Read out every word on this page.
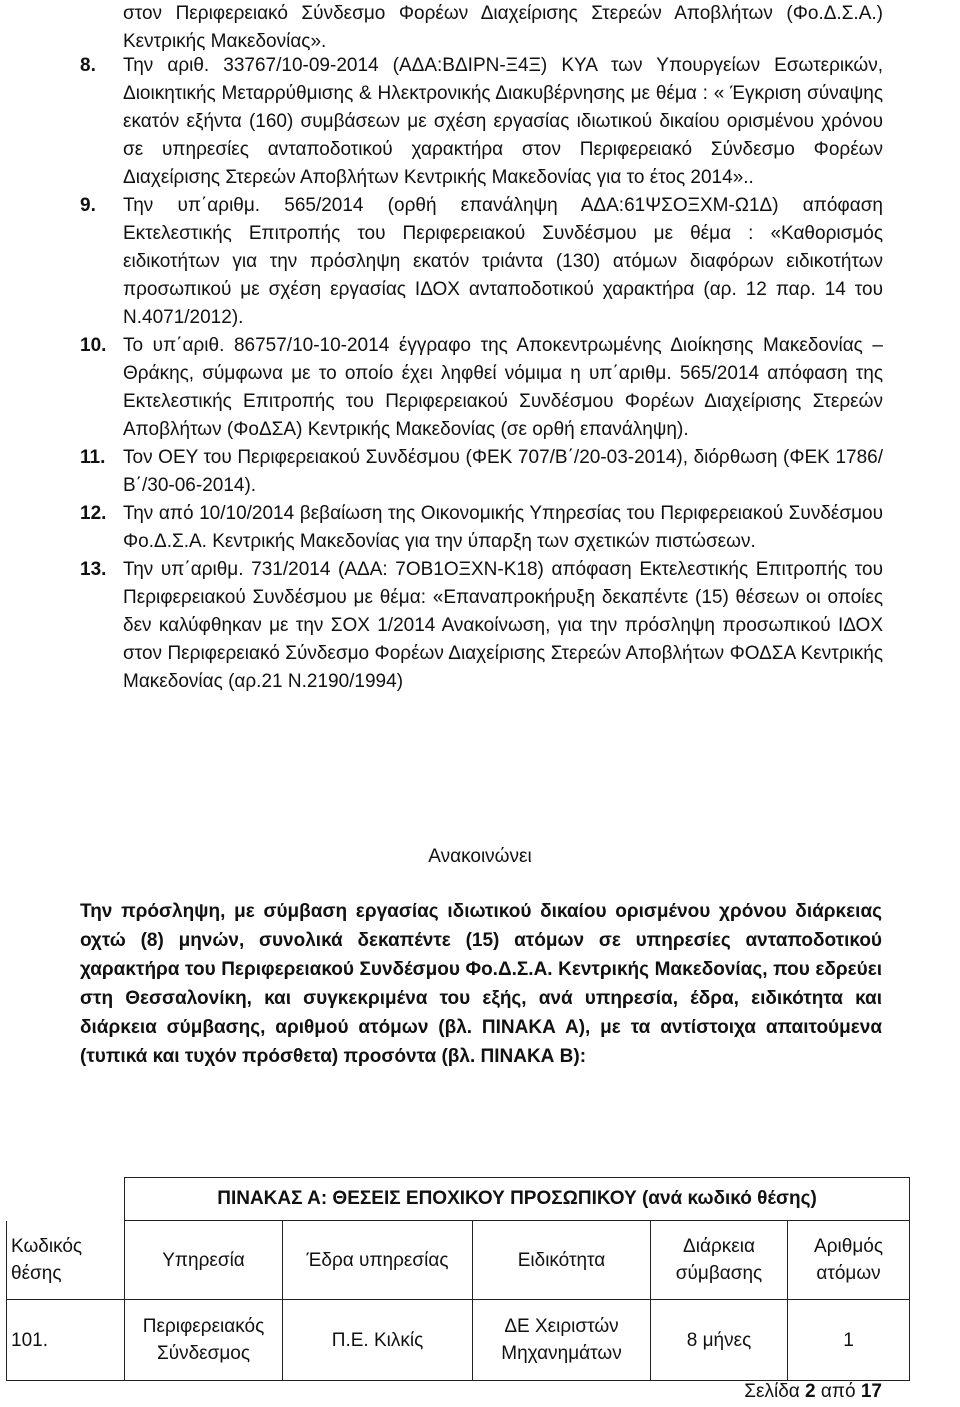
στον Περιφερειακό Σύνδεσμο Φορέων Διαχείρισης Στερεών Αποβλήτων (Φο.Δ.Σ.Α.) Κεντρικής Μακεδονίας».

8.	Την αριθ. 33767/10-09-2014 (ΑΔΑ:ΒΔΙΡΝ-Ξ4Ξ) ΚΥΑ των Υπουργείων Εσωτερικών, Διοικητικής Μεταρρύθμισης & Ηλεκτρονικής Διακυβέρνησης με θέμα : « Έγκριση σύναψης εκατόν εξήντα (160) συμβάσεων με σχέση εργασίας ιδιωτικού δικαίου ορισμένου χρόνου σε υπηρεσίες ανταποδοτικού χαρακτήρα στον Περιφερειακό Σύνδεσμο Φορέων Διαχείρισης Στερεών Αποβλήτων Κεντρικής Μακεδονίας για το έτος 2014»..

9.	Την υπ΄αριθμ. 565/2014 (ορθή επανάληψη ΑΔΑ:61ΨΣΟΞΧΜ-Ω1Δ) απόφαση Εκτελεστικής Επιτροπής του Περιφερειακού Συνδέσμου με θέμα : «Καθορισμός ειδικοτήτων για την πρόσληψη εκατόν τριάντα (130) ατόμων διαφόρων ειδικοτήτων προσωπικού με σχέση εργασίας ΙΔΟΧ ανταποδοτικού χαρακτήρα (αρ. 12 παρ. 14 του Ν.4071/2012).

10. Το υπ΄αριθ. 86757/10-10-2014 έγγραφο της Αποκεντρωμένης Διοίκησης Μακεδονίας – Θράκης, σύμφωνα με το οποίο έχει ληφθεί νόμιμα η υπ΄αριθμ. 565/2014 απόφαση της Εκτελεστικής Επιτροπής του Περιφερειακού Συνδέσμου Φορέων Διαχείρισης Στερεών Αποβλήτων (ΦοΔΣΑ) Κεντρικής Μακεδονίας (σε ορθή επανάληψη).

11. Τον ΟΕΥ του Περιφερειακού Συνδέσμου (ΦΕΚ 707/Β΄/20-03-2014), διόρθωση (ΦΕΚ 1786/Β΄/30-06-2014).

12. Την από 10/10/2014 βεβαίωση της Οικονομικής Υπηρεσίας του Περιφερειακού Συνδέσμου Φο.Δ.Σ.Α. Κεντρικής Μακεδονίας για την ύπαρξη των σχετικών πιστώσεων.

13. Την υπ΄αριθμ. 731/2014 (ΑΔΑ: 7ΟΒ1ΟΞΧΝ-Κ18) απόφαση Εκτελεστικής Επιτροπής του Περιφερειακού Συνδέσμου με θέμα: «Επαναπροκήρυξη δεκαπέντε (15) θέσεων οι οποίες δεν καλύφθηκαν με την ΣΟΧ 1/2014 Ανακοίνωση, για την πρόσληψη προσωπικού ΙΔΟΧ στον Περιφερειακό Σύνδεσμο Φορέων Διαχείρισης Στερεών Αποβλήτων ΦΟΔΣΑ Κεντρικής Μακεδονίας (αρ.21 Ν.2190/1994)

Ανακοινώνει

Την πρόσληψη, με σύμβαση εργασίας ιδιωτικού δικαίου ορισμένου χρόνου διάρκειας οχτώ (8) μηνών, συνολικά δεκαπέντε (15) ατόμων σε υπηρεσίες ανταποδοτικού χαρακτήρα του Περιφερειακού Συνδέσμου Φο.Δ.Σ.Α. Κεντρικής Μακεδονίας, που εδρεύει στη Θεσσαλονίκη, και συγκεκριμένα του εξής, ανά υπηρεσία, έδρα, ειδικότητα και διάρκεια σύμβασης, αριθμού ατόμων (βλ. ΠΙΝΑΚΑ Α), με τα αντίστοιχα απαιτούμενα (τυπικά και τυχόν πρόσθετα) προσόντα (βλ. ΠΙΝΑΚΑ Β):

	ΠΙΝΑΚΑΣ Α: ΘΕΣΕΙΣ ΕΠΟΧΙΚΟΥ ΠΡΟΣΩΠΙΚΟΥ (ανά κωδικό θέσης)				
Κωδικός θέσης	Υπηρεσία	Έδρα υπηρεσίας	Ειδικότητα	Διάρκεια σύμβασης	Αριθμός ατόμων
101.	Περιφερειακός Σύνδεσμος	Π.Ε. Κιλκίς	ΔΕ Χειριστών Μηχανημάτων	8 μήνες	1
Σελίδα 2 από 17
